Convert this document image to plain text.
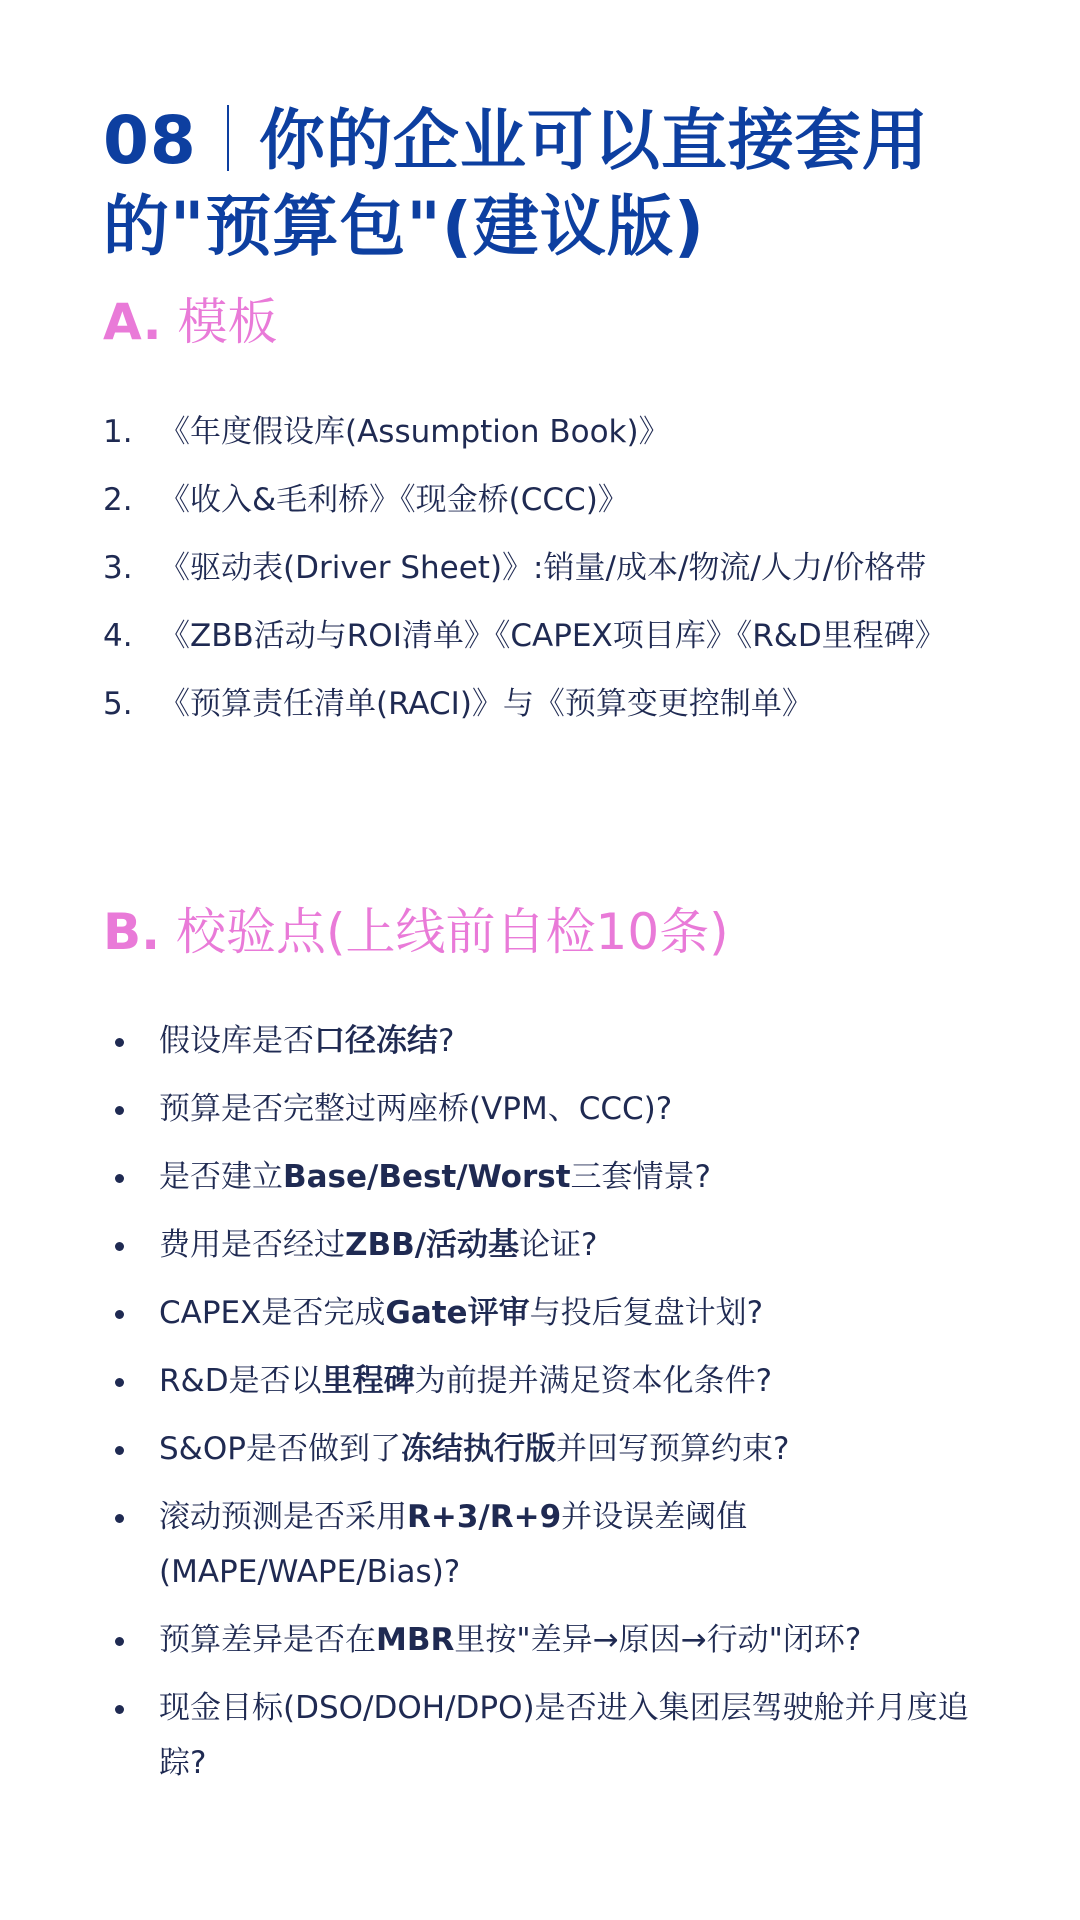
08 你的企业可以直接套用的"预算包"(建议版)
A. 模板
1. 《年度假设库(Assumption Book)》
2. 《收入&毛利桥》《现金桥(CCC)》
3. 《驱动表(Driver Sheet)》:销量/成本/物流/人力/价格带
4. 《ZBB活动与ROI清单》《CAPEX项目库》《R&D里程碑》
5. 《预算责任清单(RACI)》与《预算变更控制单》
B. 校验点(上线前自检10条)
假设库是否口径冻结?
预算是否完整过两座桥(VPM、CCC)?
是否建立Base/Best/Worst三套情景?
费用是否经过ZBB/活动基论证?
CAPEX是否完成Gate评审与投后复盘计划?
R&D是否以里程碑为前提并满足资本化条件?
S&OP是否做到了冻结执行版并回写预算约束?
滚动预测是否采用R+3/R+9并设误差阈值(MAPE/WAPE/Bias)?
预算差异是否在MBR里按"差异→原因→行动"闭环?
现金目标(DSO/DOH/DPO)是否进入集团层驾驶舱并月度追踪?
